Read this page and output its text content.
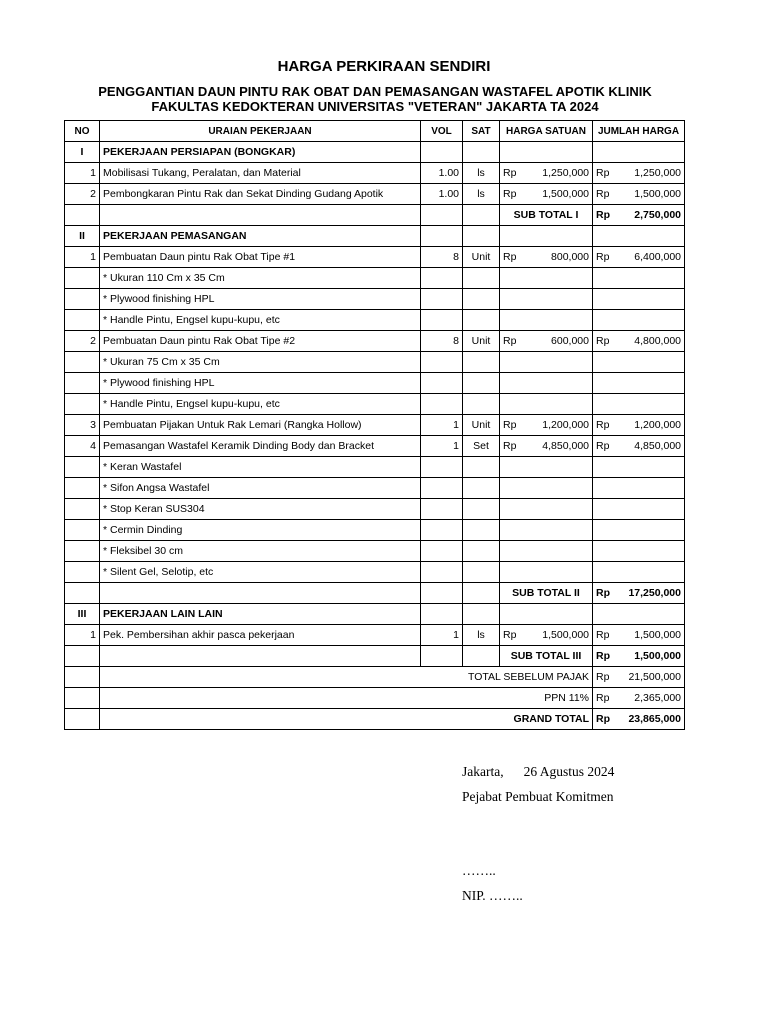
HARGA PERKIRAAN SENDIRI
PENGGANTIAN DAUN PINTU RAK OBAT DAN PEMASANGAN WASTAFEL APOTIK KLINIK
FAKULTAS KEDOKTERAN UNIVERSITAS "VETERAN" JAKARTA TA 2024
NO	URAIAN PEKERJAAN	VOL	SAT	HARGA SATUAN	JUMLAH HARGA
I	PEKERJAAN PERSIAPAN (BONGKAR)				
1	Mobilisasi Tukang, Peralatan, dan Material	1.00	ls	Rp 1,250,000	Rp 1,250,000

2	Pembongkaran Pintu Rak dan Sekat Dinding Gudang Apotik	1.00	ls	Rp 1,500,000	Rp 1,500,000

				SUB TOTAL I	Rp 2,750,000

II	PEKERJAAN PEMASANGAN				
1	Pembuatan Daun pintu Rak Obat Tipe #1	8	Unit	Rp 800,000	Rp 6,400,000

	* Ukuran 110 Cm x 35 Cm				
	* Plywood finishing HPL				
	* Handle Pintu, Engsel kupu-kupu, etc				
2	Pembuatan Daun pintu Rak Obat Tipe #2	8	Unit	Rp 600,000	Rp 4,800,000

	* Ukuran 75 Cm x 35 Cm				
	* Plywood finishing HPL				
	* Handle Pintu, Engsel kupu-kupu, etc				
3	Pembuatan Pijakan Untuk Rak Lemari (Rangka Hollow)	1	Unit	Rp 1,200,000	Rp 1,200,000

4	Pemasangan Wastafel Keramik Dinding Body dan Bracket	1	Set	Rp 4,850,000	Rp 4,850,000

	* Keran Wastafel				
	* Sifon Angsa Wastafel				
	* Stop Keran SUS304				
	* Cermin Dinding				
	* Fleksibel 30 cm				
	* Silent Gel, Selotip, etc				
				SUB TOTAL II	Rp 17,250,000

III	PEKERJAAN LAIN LAIN				
1	Pek. Pembersihan akhir pasca pekerjaan	1	ls	Rp 1,500,000	Rp 1,500,000

				SUB TOTAL III	Rp 1,500,000

	TOTAL SEBELUM PAJAK				Rp 21,500,000

	PPN 11%				Rp 2,365,000

	GRAND TOTAL				Rp 23,865,000
Jakarta, 26 Agustus 2024
Pejabat Pembuat Komitmen
……..
NIP. ……..
